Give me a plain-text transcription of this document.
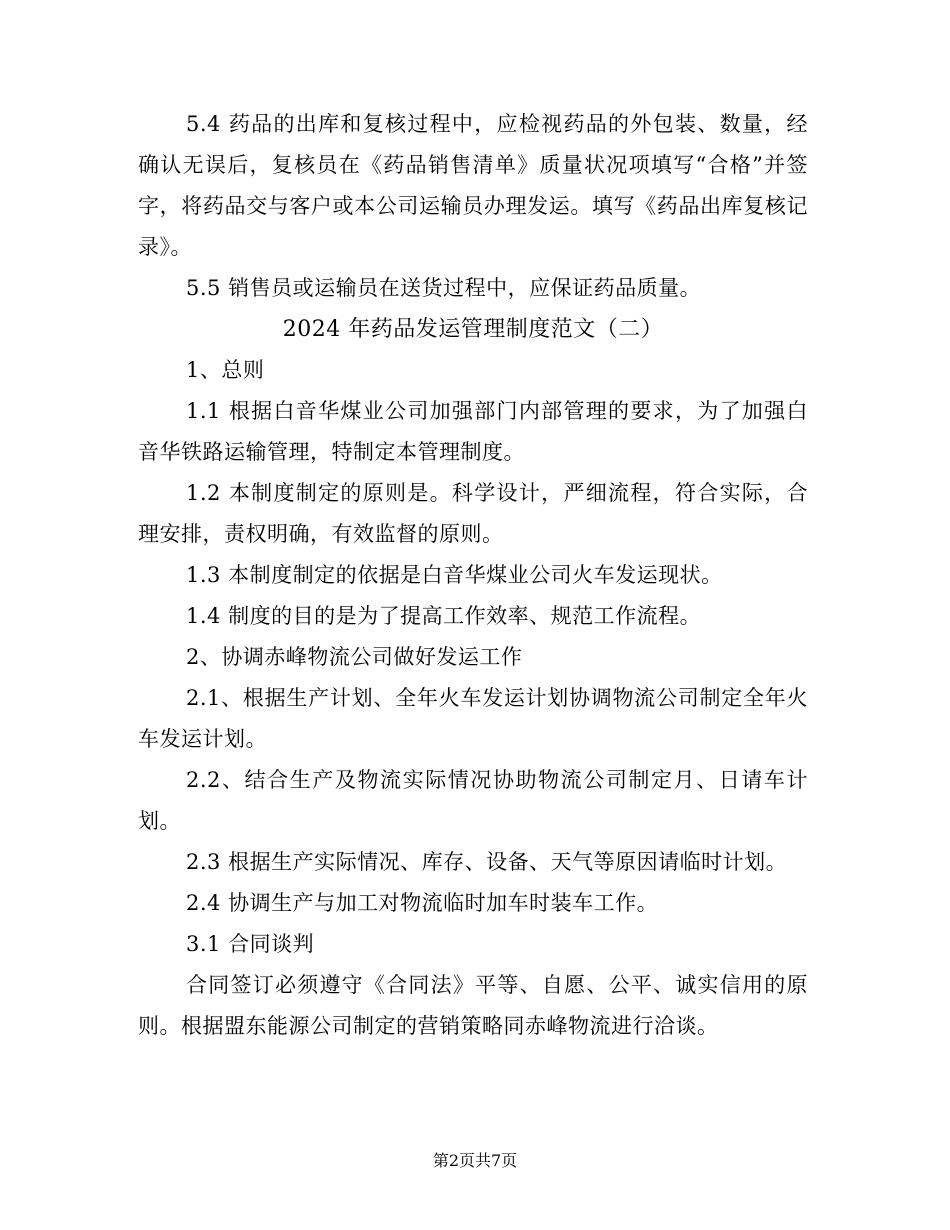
5.4 药品的出库和复核过程中，应检视药品的外包装、数量，经确认无误后，复核员在《药品销售清单》质量状况项填写“合格”并签字，将药品交与客户或本公司运输员办理发运。填写《药品出库复核记录》。

5.5 销售员或运输员在送货过程中，应保证药品质量。

2024 年药品发运管理制度范文（二）

1、总则

1.1 根据白音华煤业公司加强部门内部管理的要求，为了加强白音华铁路运输管理，特制定本管理制度。

1.2 本制度制定的原则是。科学设计，严细流程，符合实际，合理安排，责权明确，有效监督的原则。

1.3 本制度制定的依据是白音华煤业公司火车发运现状。

1.4 制度的目的是为了提高工作效率、规范工作流程。

2、协调赤峰物流公司做好发运工作

2.1、根据生产计划、全年火车发运计划协调物流公司制定全年火车发运计划。

2.2、结合生产及物流实际情况协助物流公司制定月、日请车计划。

2.3 根据生产实际情况、库存、设备、天气等原因请临时计划。

2.4 协调生产与加工对物流临时加车时装车工作。

3.1 合同谈判

合同签订必须遵守《合同法》平等、自愿、公平、诚实信用的原则。根据盟东能源公司制定的营销策略同赤峰物流进行洽谈。

第2页共7页
